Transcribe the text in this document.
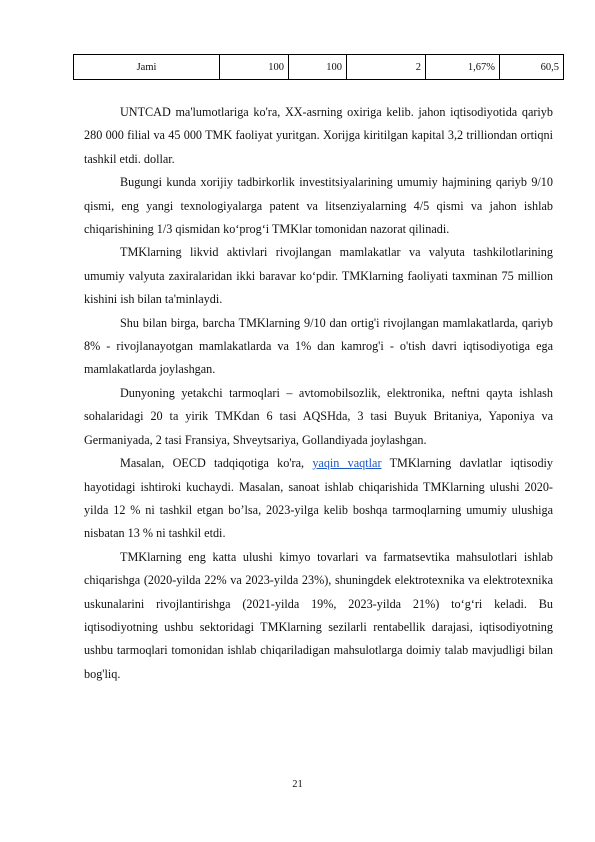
Jami	100	100	2	1,67%	60,5

UNTCAD ma'lumotlariga ko'ra, XX-asrning oxiriga kelib. jahon iqtisodiyotida qariyb 280 000 filial va 45 000 TMK faoliyat yuritgan. Xorijga kiritilgan kapital 3,2 trilliondan ortiqni tashkil etdi. dollar.

Bugungi kunda xorijiy tadbirkorlik investitsiyalarining umumiy hajmining qariyb 9/10 qismi, eng yangi texnologiyalarga patent va litsenziyalarning 4/5 qismi va jahon ishlab chiqarishining 1/3 qismidan ko‘prog‘i TMKlar tomonidan nazorat qilinadi.

TMKlarning likvid aktivlari rivojlangan mamlakatlar va valyuta tashkilotlarining umumiy valyuta zaxiralaridan ikki baravar ko‘pdir. TMKlarning faoliyati taxminan 75 million kishini ish bilan ta'minlaydi.

Shu bilan birga, barcha TMKlarning 9/10 dan ortig'i rivojlangan mamlakatlarda, qariyb 8% - rivojlanayotgan mamlakatlarda va 1% dan kamrog'i - o'tish davri iqtisodiyotiga ega mamlakatlarda joylashgan.

Dunyoning yetakchi tarmoqlari – avtomobilsozlik, elektronika, neftni qayta ishlash sohalaridagi 20 ta yirik TMKdan 6 tasi AQSHda, 3 tasi Buyuk Britaniya, Yaponiya va Germaniyada, 2 tasi Fransiya, Shveytsariya, Gollandiyada joylashgan.

Masalan, OECD tadqiqotiga ko'ra, yaqin vaqtlar TMKlarning davlatlar iqtisodiy hayotidagi ishtiroki kuchaydi. Masalan, sanoat ishlab chiqarishida TMKlarning ulushi 2020-yilda 12 % ni tashkil etgan bo’lsa, 2023-yilga kelib boshqa tarmoqlarning umumiy ulushiga nisbatan 13 % ni tashkil etdi.

TMKlarning eng katta ulushi kimyo tovarlari va farmatsevtika mahsulotlari ishlab chiqarishga (2020-yilda 22% va 2023-yilda 23%), shuningdek elektrotexnika va elektrotexnika uskunalarini rivojlantirishga (2021-yilda 19%, 2023-yilda 21%) to‘g‘ri keladi. Bu iqtisodiyotning ushbu sektoridagi TMKlarning sezilarli rentabellik darajasi, iqtisodiyotning ushbu tarmoqlari tomonidan ishlab chiqariladigan mahsulotlarga doimiy talab mavjudligi bilan bog'liq.

21
